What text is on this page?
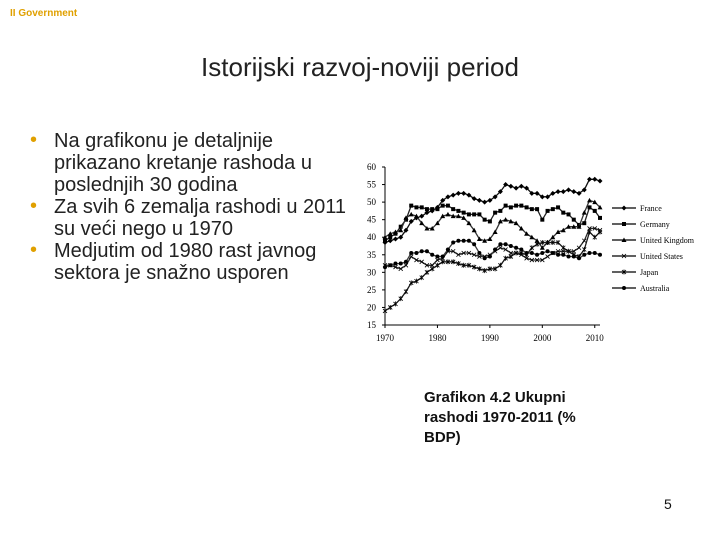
II Government
Istorijski razvoj-noviji period
• Na grafikonu je detaljnije prikazano kretanje rashoda u poslednjih 30 godina
• Za svih 6 zemalja rashodi u 2011 su veći nego u 1970
• Medjutim od 1980 rast javnog sektora je snažno usporen
15
20
25
30
35
40
45
50
55
60
1970	1980	1990	2000	2010
France
Germany
United Kingdom
United States
Japan
Australia
Grafikon 4.2 Ukupni rashodi 1970-2011 (% BDP)
5
